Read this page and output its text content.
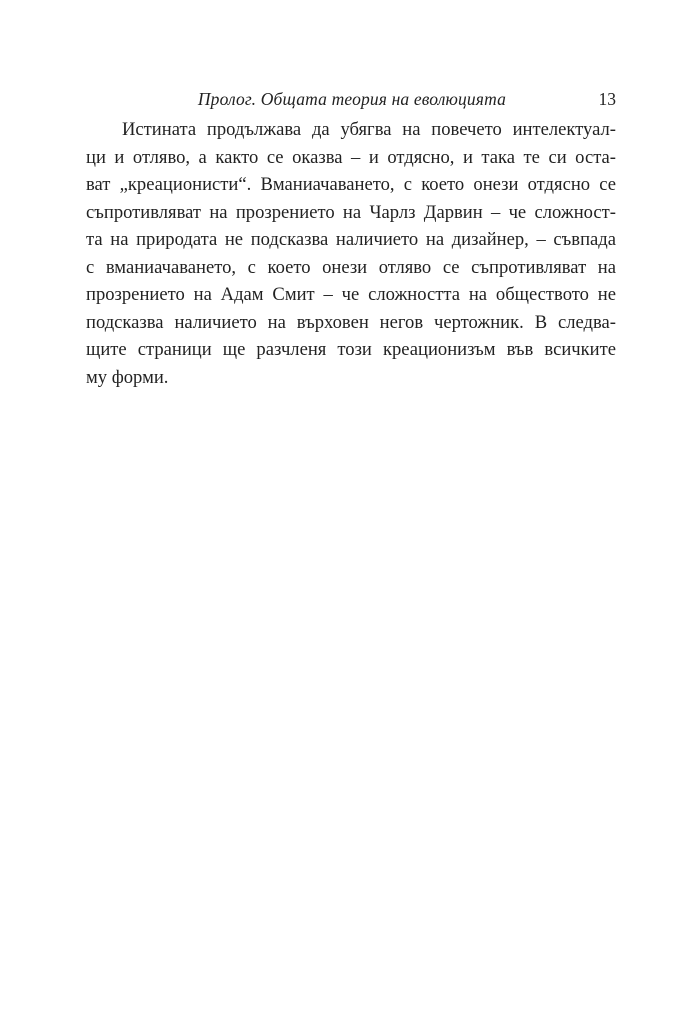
Пролог. Общата теория на еволюцията	13
Истината продължава да убягва на повечето интелектуал-
ци и отляво, а както се оказва – и отдясно, и така те си оста-
ват „креационисти“. Вманиачаването, с което онези отдясно се
съпротивляват на прозрението на Чарлз Дарвин – че сложност-
та на природата не подсказва наличието на дизайнер, – съвпада
с вманиачаването, с което онези отляво се съпротивляват на
прозрението на Адам Смит – че сложността на обществото не
подсказва наличието на върховен негов чертожник. В следва-
щите страници ще разчленя този креационизъм във всичките
му форми.
